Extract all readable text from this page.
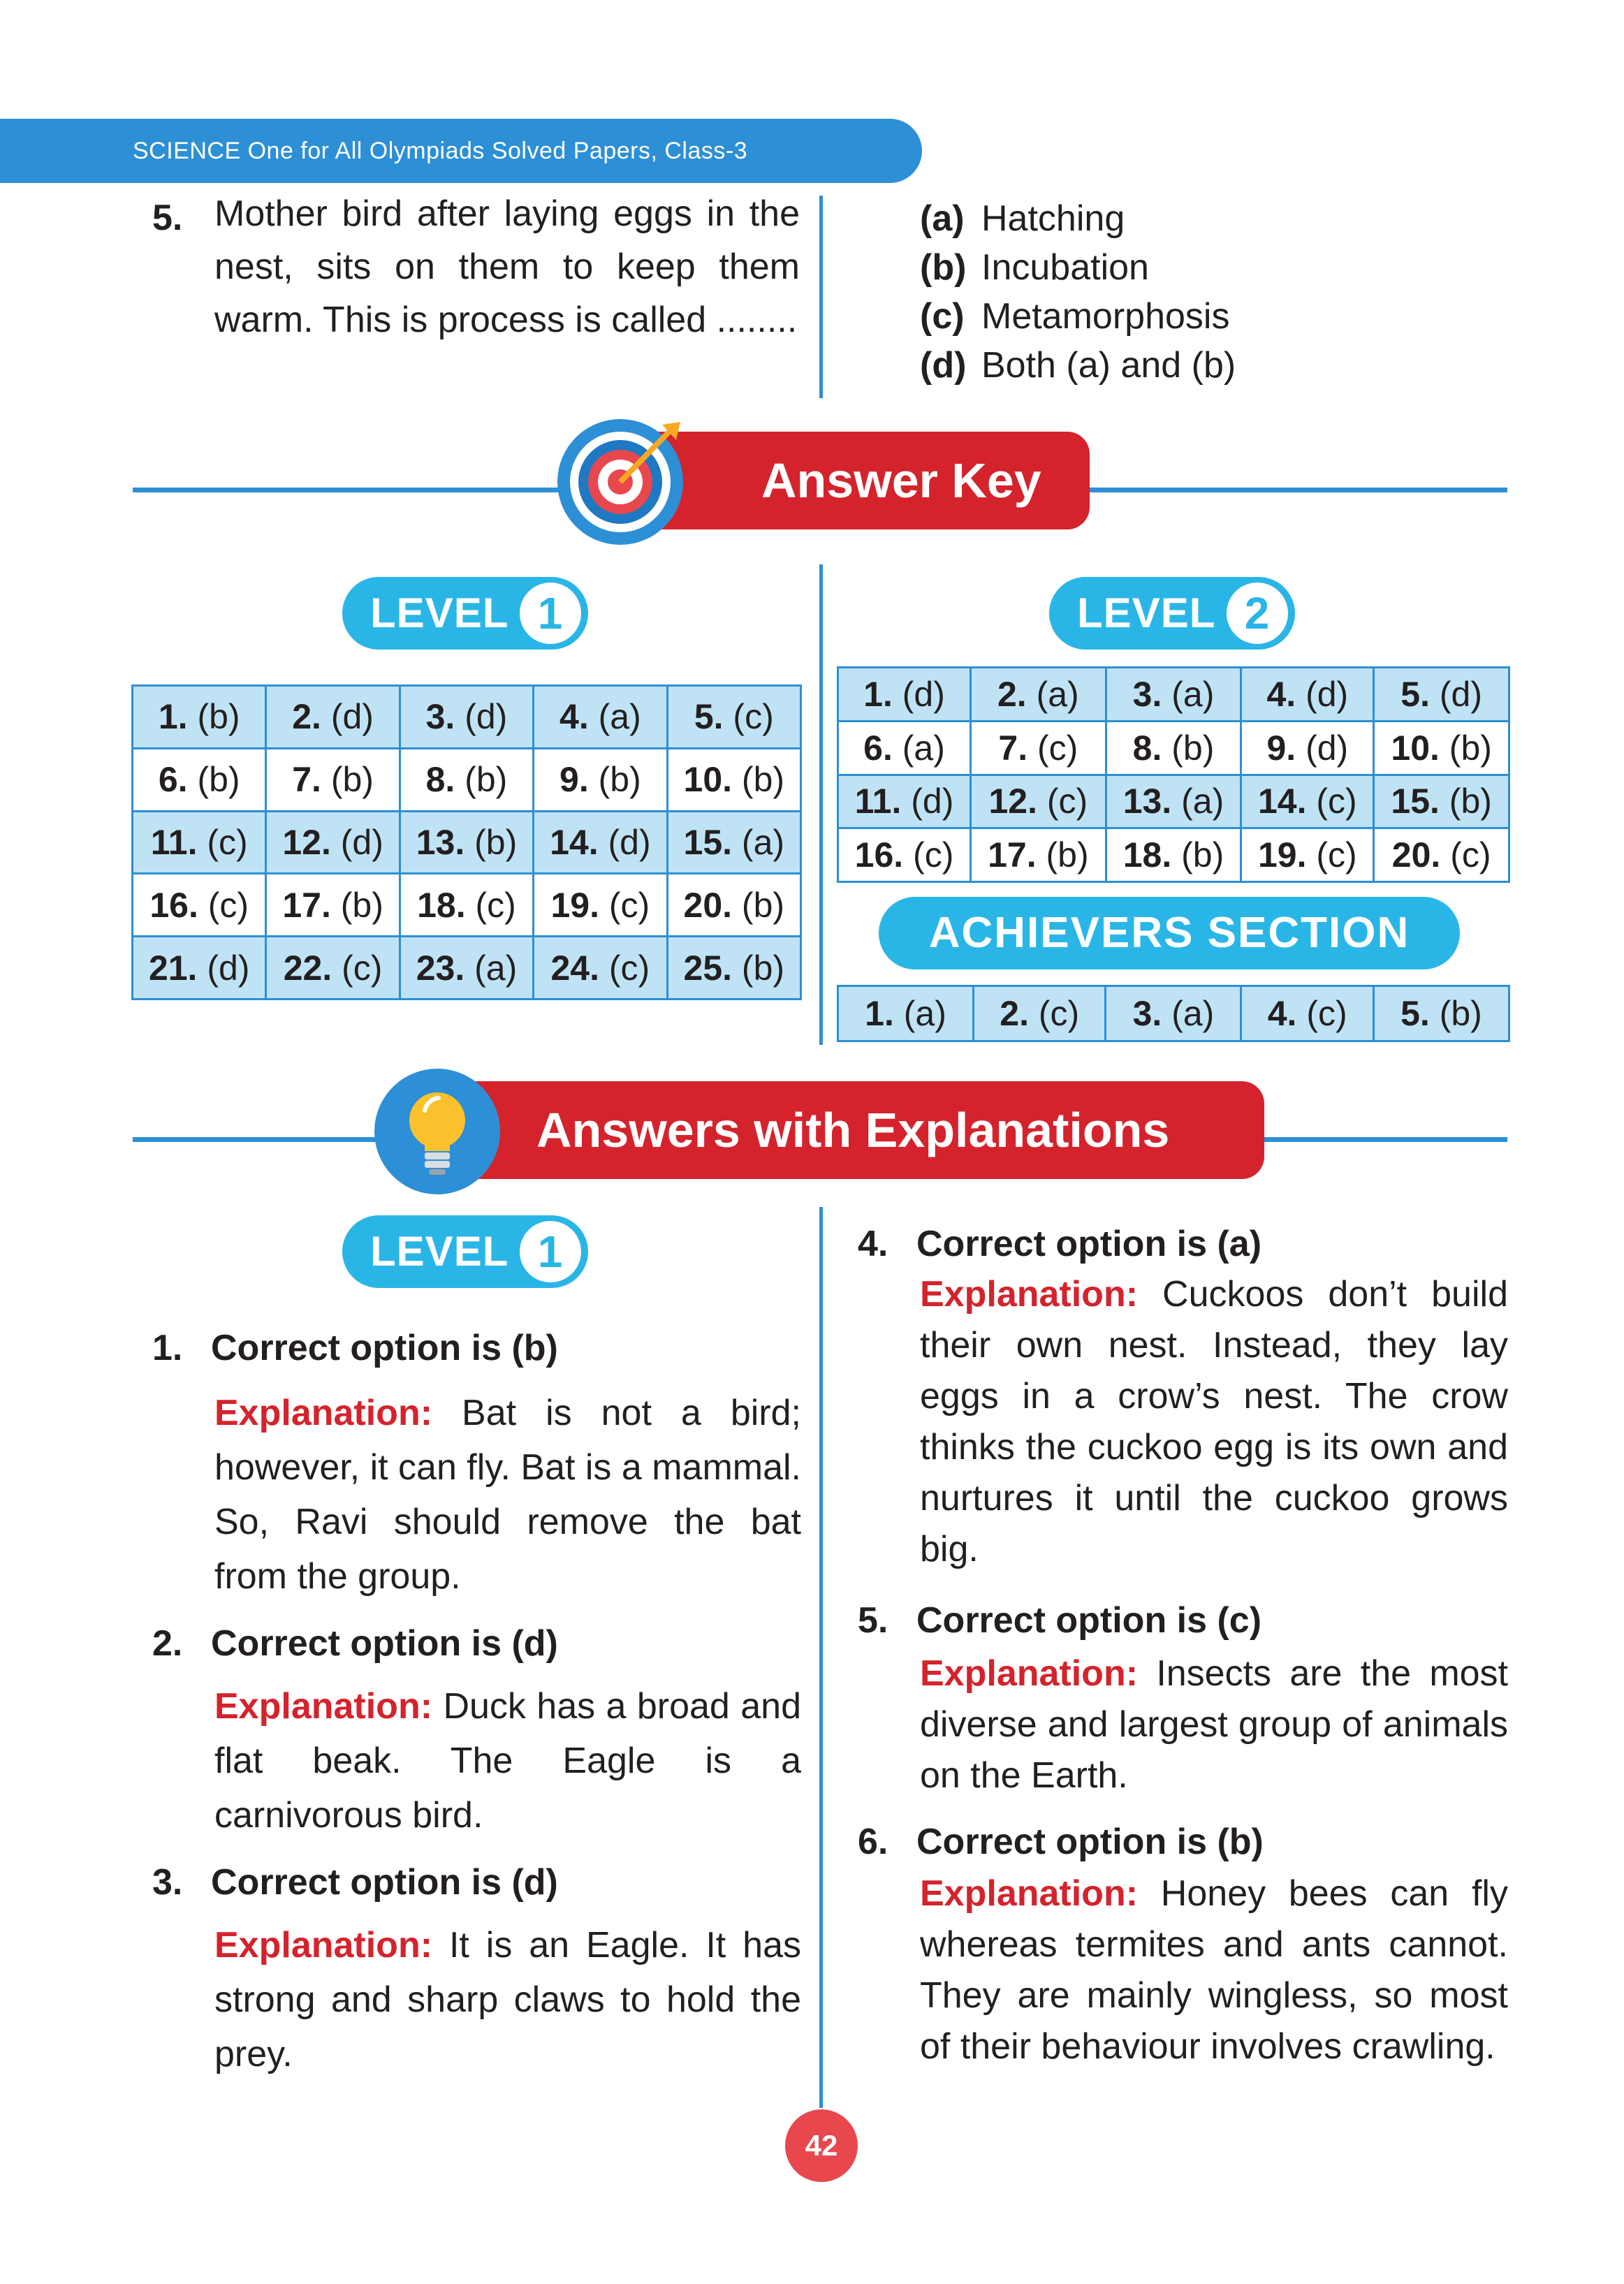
SCIENCE One for All Olympiads Solved Papers, Class-3
5. Mother bird after laying eggs in the nest, sits on them to keep them warm. This is process is called ........
(a) Hatching
(b) Incubation
(c) Metamorphosis
(d) Both (a) and (b)
Answer Key
LEVEL 1	LEVEL 2
1. (b)	2. (d)	3. (d)	4. (a)	5. (c)
6. (b)	7. (b)	8. (b)	9. (b)	10. (b)
11. (c)	12. (d)	13. (b)	14. (d)	15. (a)
16. (c)	17. (b)	18. (c)	19. (c)	20. (b)
21. (d)	22. (c)	23. (a)	24. (c)	25. (b)
1. (d)	2. (a)	3. (a)	4. (d)	5. (d)
6. (a)	7. (c)	8. (b)	9. (d)	10. (b)
11. (d)	12. (c)	13. (a)	14. (c)	15. (b)
16. (c)	17. (b)	18. (b)	19. (c)	20. (c)
ACHIEVERS SECTION
1. (a)	2. (c)	3. (a)	4. (c)	5. (b)
Answers with Explanations
LEVEL 1
1. Correct option is (b)
Explanation: Bat is not a bird; however, it can fly. Bat is a mammal. So, Ravi should remove the bat from the group.
2. Correct option is (d)
Explanation: Duck has a broad and flat beak. The Eagle is a carnivorous bird.
3. Correct option is (d)
Explanation: It is an Eagle. It has strong and sharp claws to hold the prey.
4. Correct option is (a)
Explanation: Cuckoos don’t build their own nest. Instead, they lay eggs in a crow’s nest. The crow thinks the cuckoo egg is its own and nurtures it until the cuckoo grows big.
5. Correct option is (c)
Explanation: Insects are the most diverse and largest group of animals on the Earth.
6. Correct option is (b)
Explanation: Honey bees can fly whereas termites and ants cannot. They are mainly wingless, so most of their behaviour involves crawling.
42
